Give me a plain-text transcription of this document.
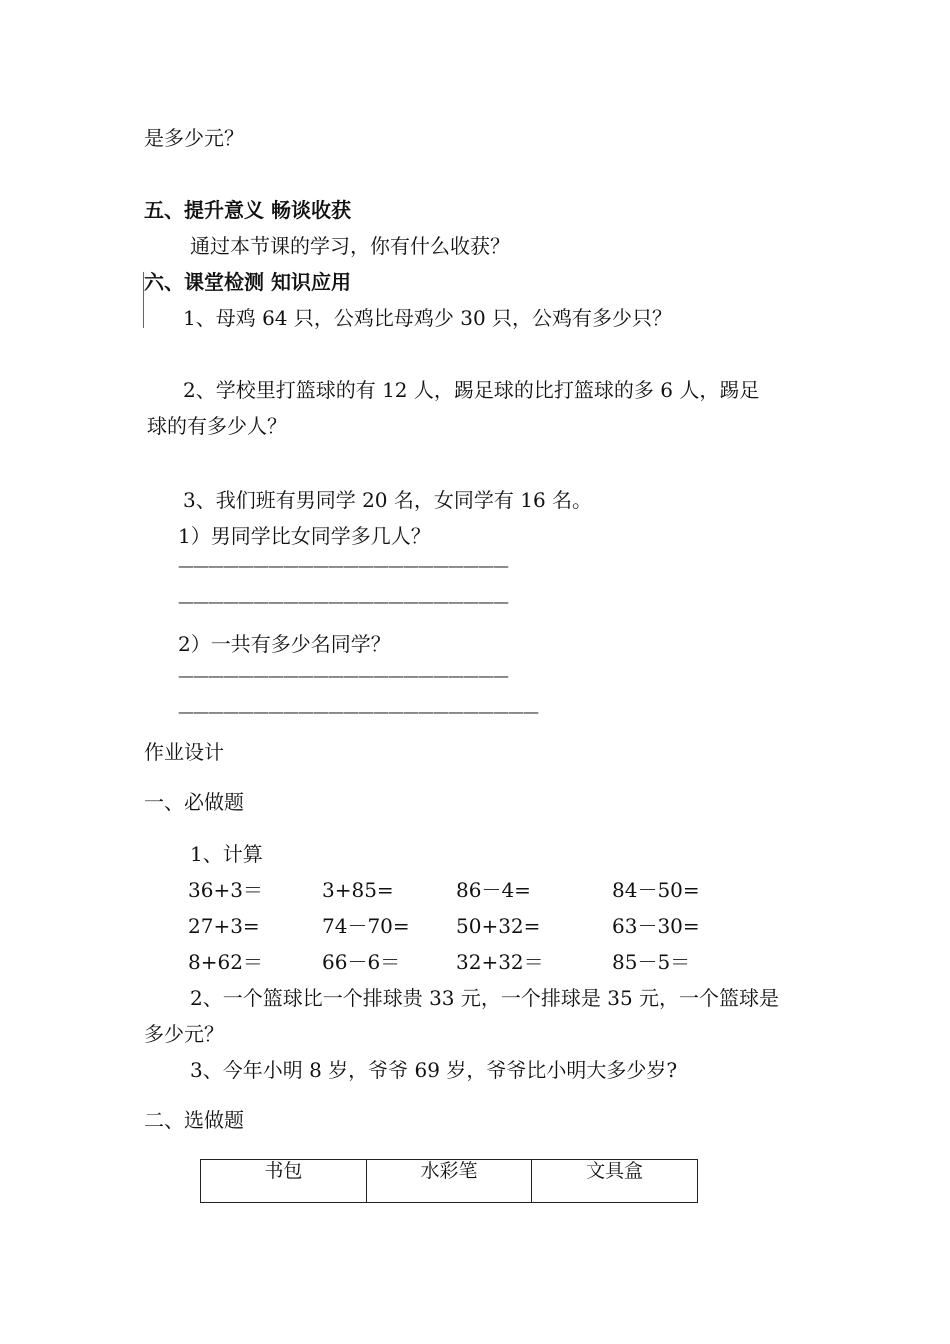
是多少元？
五、提升意义 畅谈收获
通过本节课的学习，你有什么收获？
六、课堂检测 知识应用
1、母鸡 64 只，公鸡比母鸡少 30 只，公鸡有多少只？
2、学校里打篮球的有 12 人，踢足球的比打篮球的多 6 人，踢足
球的有多少人？
3、我们班有男同学 20 名，女同学有 16 名。
1）男同学比女同学多几人？
——————————————————————
——————————————————————
2）一共有多少名同学？
——————————————————————
————————————————————————
作业设计
一、必做题
1、计算
36+3＝	3+85=	86－4=	84－50=
27+3=	74－70= 50+32=	63－30=
8+62＝	66－6＝	32+32＝	85－5＝
2、一个篮球比一个排球贵 33 元，一个排球是 35 元，一个篮球是
多少元？
3、今年小明 8 岁，爷爷 69 岁，爷爷比小明大多少岁?
二、选做题
书包	水彩笔	文具盒
